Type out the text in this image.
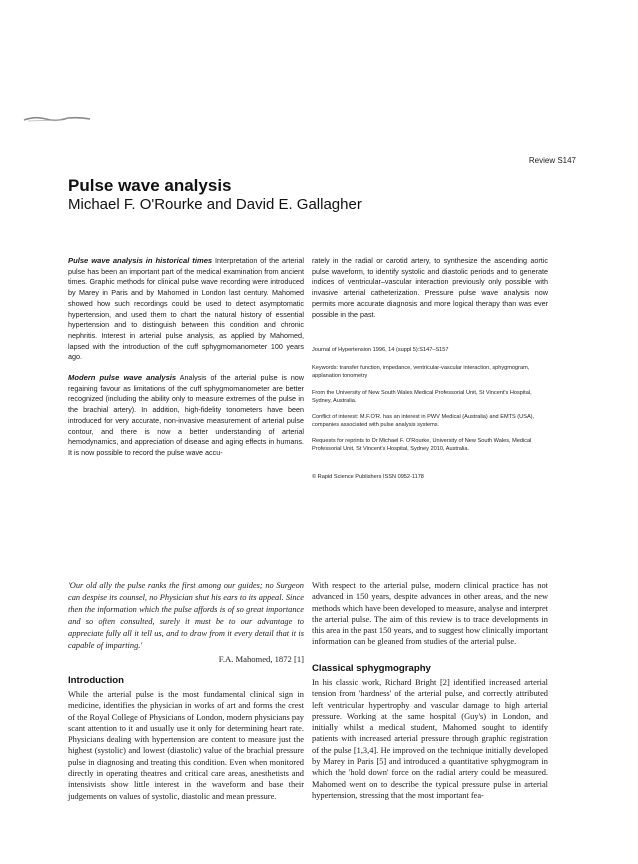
Review S147
Pulse wave analysis
Michael F. O'Rourke and David E. Gallagher

Pulse wave analysis in historical times Interpretation of the arterial pulse has been an important part of the medical examination from ancient times. Graphic methods for clinical pulse wave recording were introduced by Marey in Paris and by Mahomed in London last century. Mahomed showed how such recordings could be used to detect asymptomatic hypertension, and used them to chart the natural history of essential hypertension and to distinguish between this condition and chronic nephritis. Interest in arterial pulse analysis, as applied by Mahomed, lapsed with the introduction of the cuff sphygmomanometer 100 years ago.

Modern pulse wave analysis Analysis of the arterial pulse is now regaining favour as limitations of the cuff sphygmomanometer are better recognized (including the ability only to measure extremes of the pulse in the brachial artery). In addition, high-fidelity tonometers have been introduced for very accurate, non-invasive measurement of arterial pulse contour, and there is now a better understanding of arterial hemodynamics, and appreciation of disease and aging effects in humans. It is now possible to record the pulse wave accu-

rately in the radial or carotid artery, to synthesize the ascending aortic pulse waveform, to identify systolic and diastolic periods and to generate indices of ventricular–vascular interaction previously only possible with invasive arterial catheterization. Pressure pulse wave analysis now permits more accurate diagnosis and more logical therapy than was ever possible in the past.

Journal of Hypertension 1996, 14 (suppl 5):S147–S157

Keywords: transfer function, impedance, ventricular-vascular interaction, sphygmogram, applanation tonometry

From the University of New South Wales Medical Professorial Unit, St Vincent's Hospital, Sydney, Australia.

Conflict of interest: M.F.O'R. has an interest in PWV Medical (Australia) and EMTS (USA), companies associated with pulse analysis systems.

Requests for reprints to Dr Michael F. O'Rourke, University of New South Wales, Medical Professorial Unit, St Vincent's Hospital, Sydney 2010, Australia.

© Rapid Science Publishers ISSN 0952-1178

'Our old ally the pulse ranks the first among our guides; no Surgeon can despise its counsel, no Physician shut his ears to its appeal. Since then the information which the pulse affords is of so great importance and so often consulted, surely it must be to our advantage to appreciate fully all it tell us, and to draw from it every detail that it is capable of imparting.'
F.A. Mahomed, 1872 [1]
Introduction

While the arterial pulse is the most fundamental clinical sign in medicine, identifies the physician in works of art and forms the crest of the Royal College of Physicians of London, modern physicians pay scant attention to it and usually use it only for determining heart rate. Physicians dealing with hypertension are content to measure just the highest (systolic) and lowest (diastolic) value of the brachial pressure pulse in diagnosing and treating this condition. Even when monitored directly in operating theatres and critical care areas, anesthetists and intensivists show little interest in the waveform and base their judgements on values of systolic, diastolic and mean pressure.

With respect to the arterial pulse, modern clinical practice has not advanced in 150 years, despite advances in other areas, and the new methods which have been developed to measure, analyse and interpret the arterial pulse. The aim of this review is to trace developments in this area in the past 150 years, and to suggest how clinically important information can be gleaned from studies of the arterial pulse.

Classical sphygmography

In his classic work, Richard Bright [2] identified increased arterial tension from 'hardness' of the arterial pulse, and correctly attributed left ventricular hypertrophy and vascular damage to high arterial pressure. Working at the same hospital (Guy's) in London, and initially whilst a medical student, Mahomed sought to identify patients with increased arterial pressure through graphic registration of the pulse [1,3,4]. He improved on the technique initially developed by Marey in Paris [5] and introduced a quantitative sphygmogram in which the 'hold down' force on the radial artery could be measured. Mahomed went on to describe the typical pressure pulse in arterial hypertension, stressing that the most important fea-
